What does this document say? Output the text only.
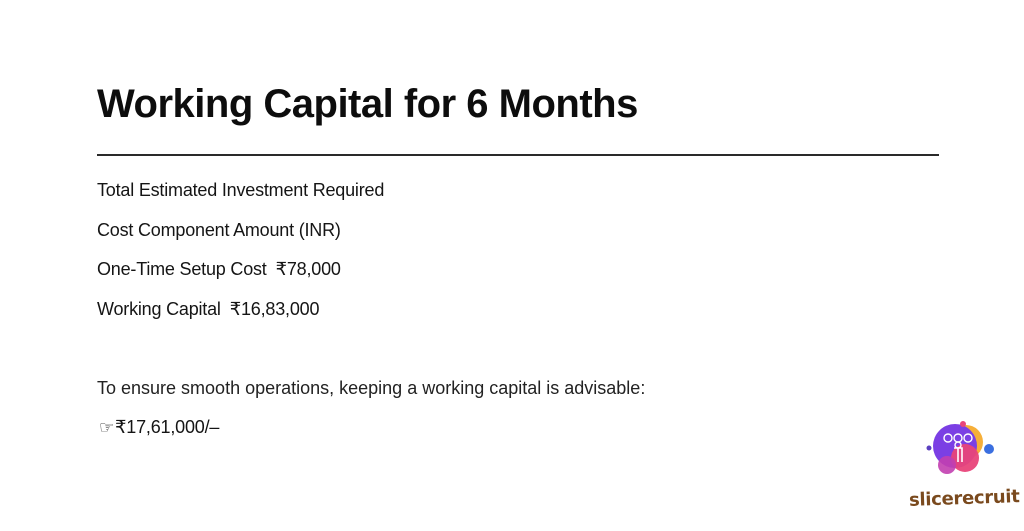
Working Capital for 6 Months

Total Estimated Investment Required

Cost Component Amount (INR)

One-Time Setup Cost ₹78,000

Working Capital ₹16,83,000

To ensure smooth operations, keeping a working capital is advisable:

☞₹17,61,000/–

slicerecruit
